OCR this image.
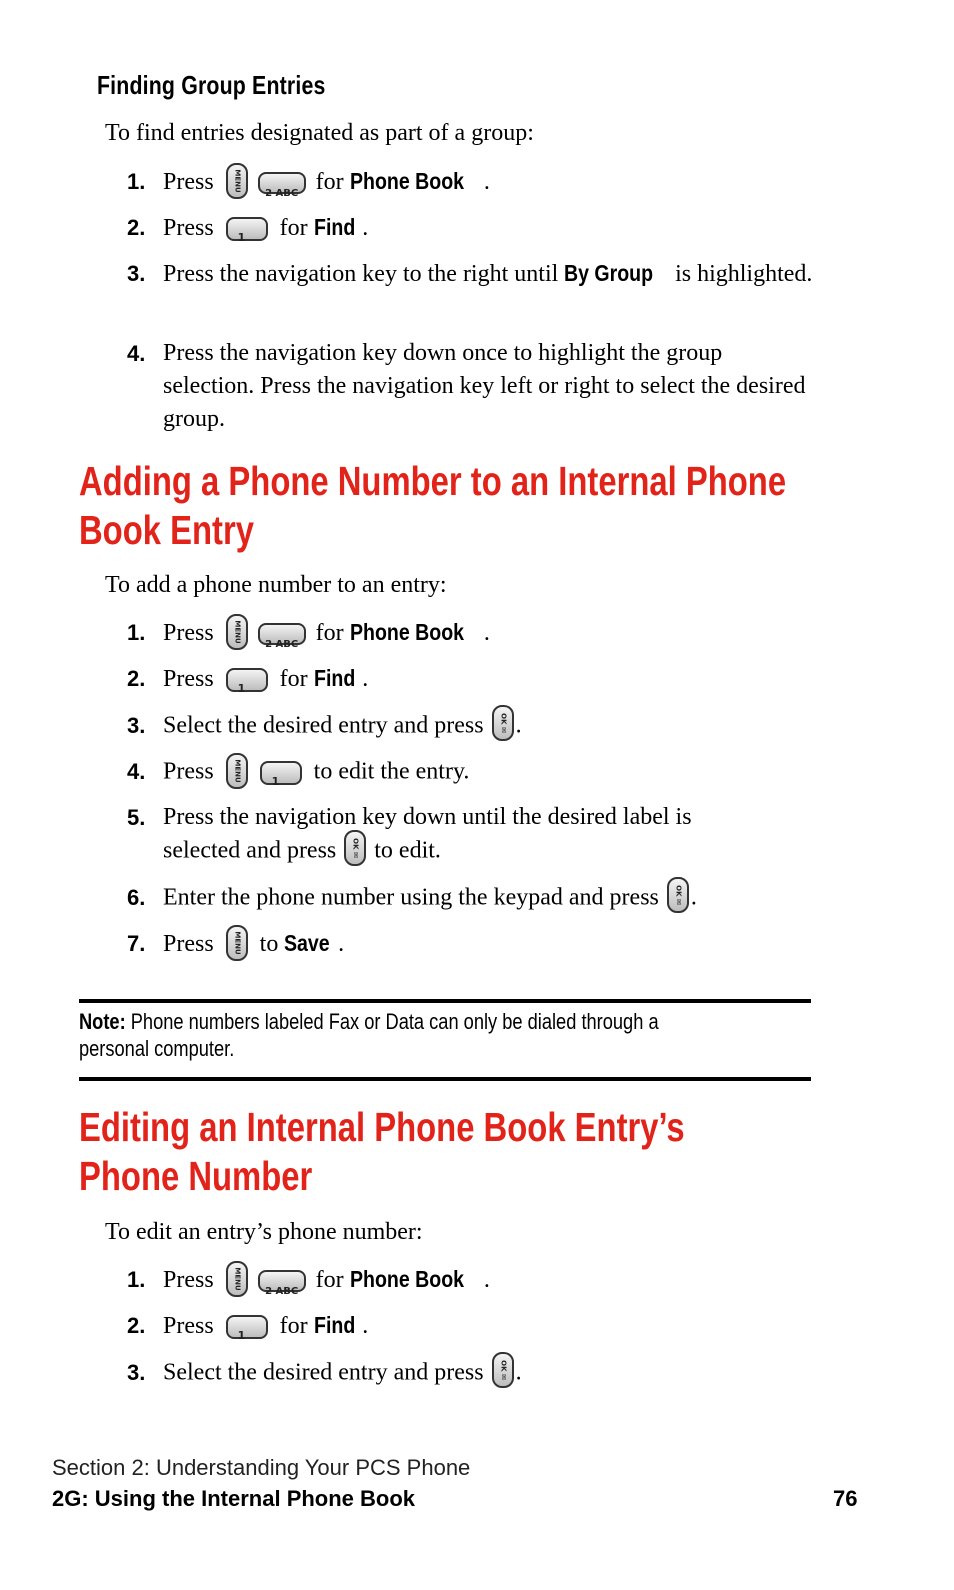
Finding Group Entries
To find entries designated as part of a group:
1. Press	MENU
2 ABC for Phone Book .
2. Press 1 for Find .
3. Press the navigation key to the right until By Group is highlighted.
4. Press the navigation key down once to highlight the group selection. Press the navigation key left or right to select the desired group.
Adding a Phone Number to an Internal Phone
Book Entry
To add a phone number to an entry:
1. Press	MENU
2 ABC for Phone Book .
2. Press 1 for Find .
3. Select the desired entry and press	OK ✉ .
4. Press	MENU	1 to edit the entry.
5. Press the navigation key down until the desired label is
selected and press	OK ✉ to edit.
6. Enter the phone number using the keypad and press	OK ✉ .
7. Press	MENU to Save .
Note: Phone numbers labeled Fax or Data can only be dialed through a
personal computer.
Editing an Internal Phone Book Entry’s
Phone Number
To edit an entry’s phone number:
1. Press	MENU
2 ABC for Phone Book .
2. Press 1 for Find .
3. Select the desired entry and press	OK ✉ .
Section 2: Understanding Your PCS Phone
2G: Using the Internal Phone Book	76
